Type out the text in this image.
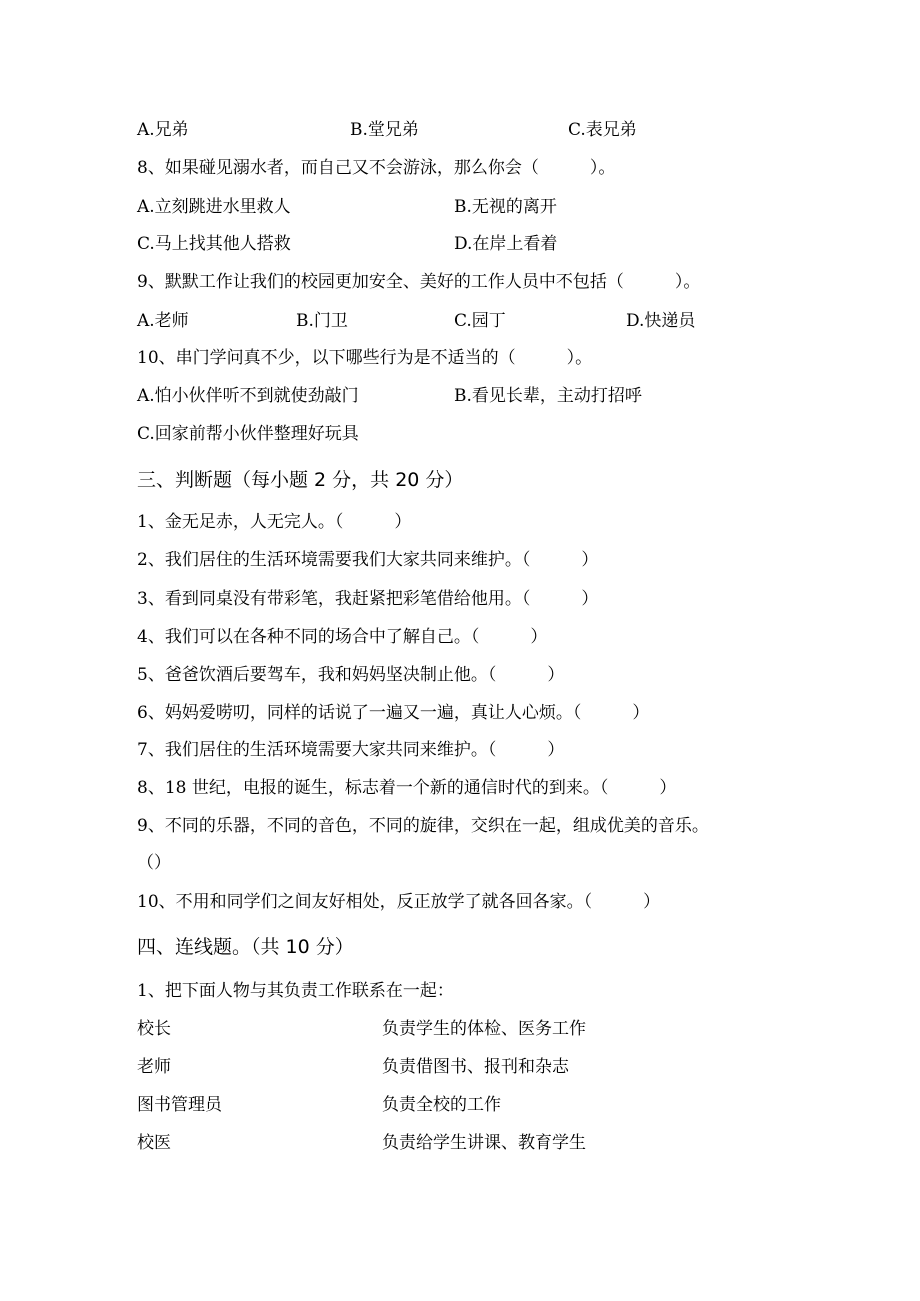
A.兄弟	B.堂兄弟	C.表兄弟
8、如果碰见溺水者，而自己又不会游泳，那么你会（　　　）。
A.立刻跳进水里救人	B.无视的离开
C.马上找其他人搭救	D.在岸上看着
9、默默工作让我们的校园更加安全、美好的工作人员中不包括（　　　）。
A.老师	B.门卫	C.园丁	D.快递员
10、串门学问真不少，以下哪些行为是不适当的（　　　）。
A.怕小伙伴听不到就使劲敲门	B.看见长辈，主动打招呼
C.回家前帮小伙伴整理好玩具
三、判断题（每小题 2 分，共 20 分）
1、金无足赤，人无完人。（　　　）
2、我们居住的生活环境需要我们大家共同来维护。（　　　）
3、看到同桌没有带彩笔，我赶紧把彩笔借给他用。（　　　）
4、我们可以在各种不同的场合中了解自己。（　　　）
5、爸爸饮酒后要驾车，我和妈妈坚决制止他。（　　　）
6、妈妈爱唠叨，同样的话说了一遍又一遍，真让人心烦。（　　　）
7、我们居住的生活环境需要大家共同来维护。（　　　）
8、18 世纪，电报的诞生，标志着一个新的通信时代的到来。（　　　）
9、不同的乐器，不同的音色，不同的旋律，交织在一起，组成优美的音乐。
（）
10、不用和同学们之间友好相处，反正放学了就各回各家。（　　　）
四、连线题。（共 10 分）
1、把下面人物与其负责工作联系在一起：
校长	负责学生的体检、医务工作
老师	负责借图书、报刊和杂志
图书管理员	负责全校的工作
校医	负责给学生讲课、教育学生
